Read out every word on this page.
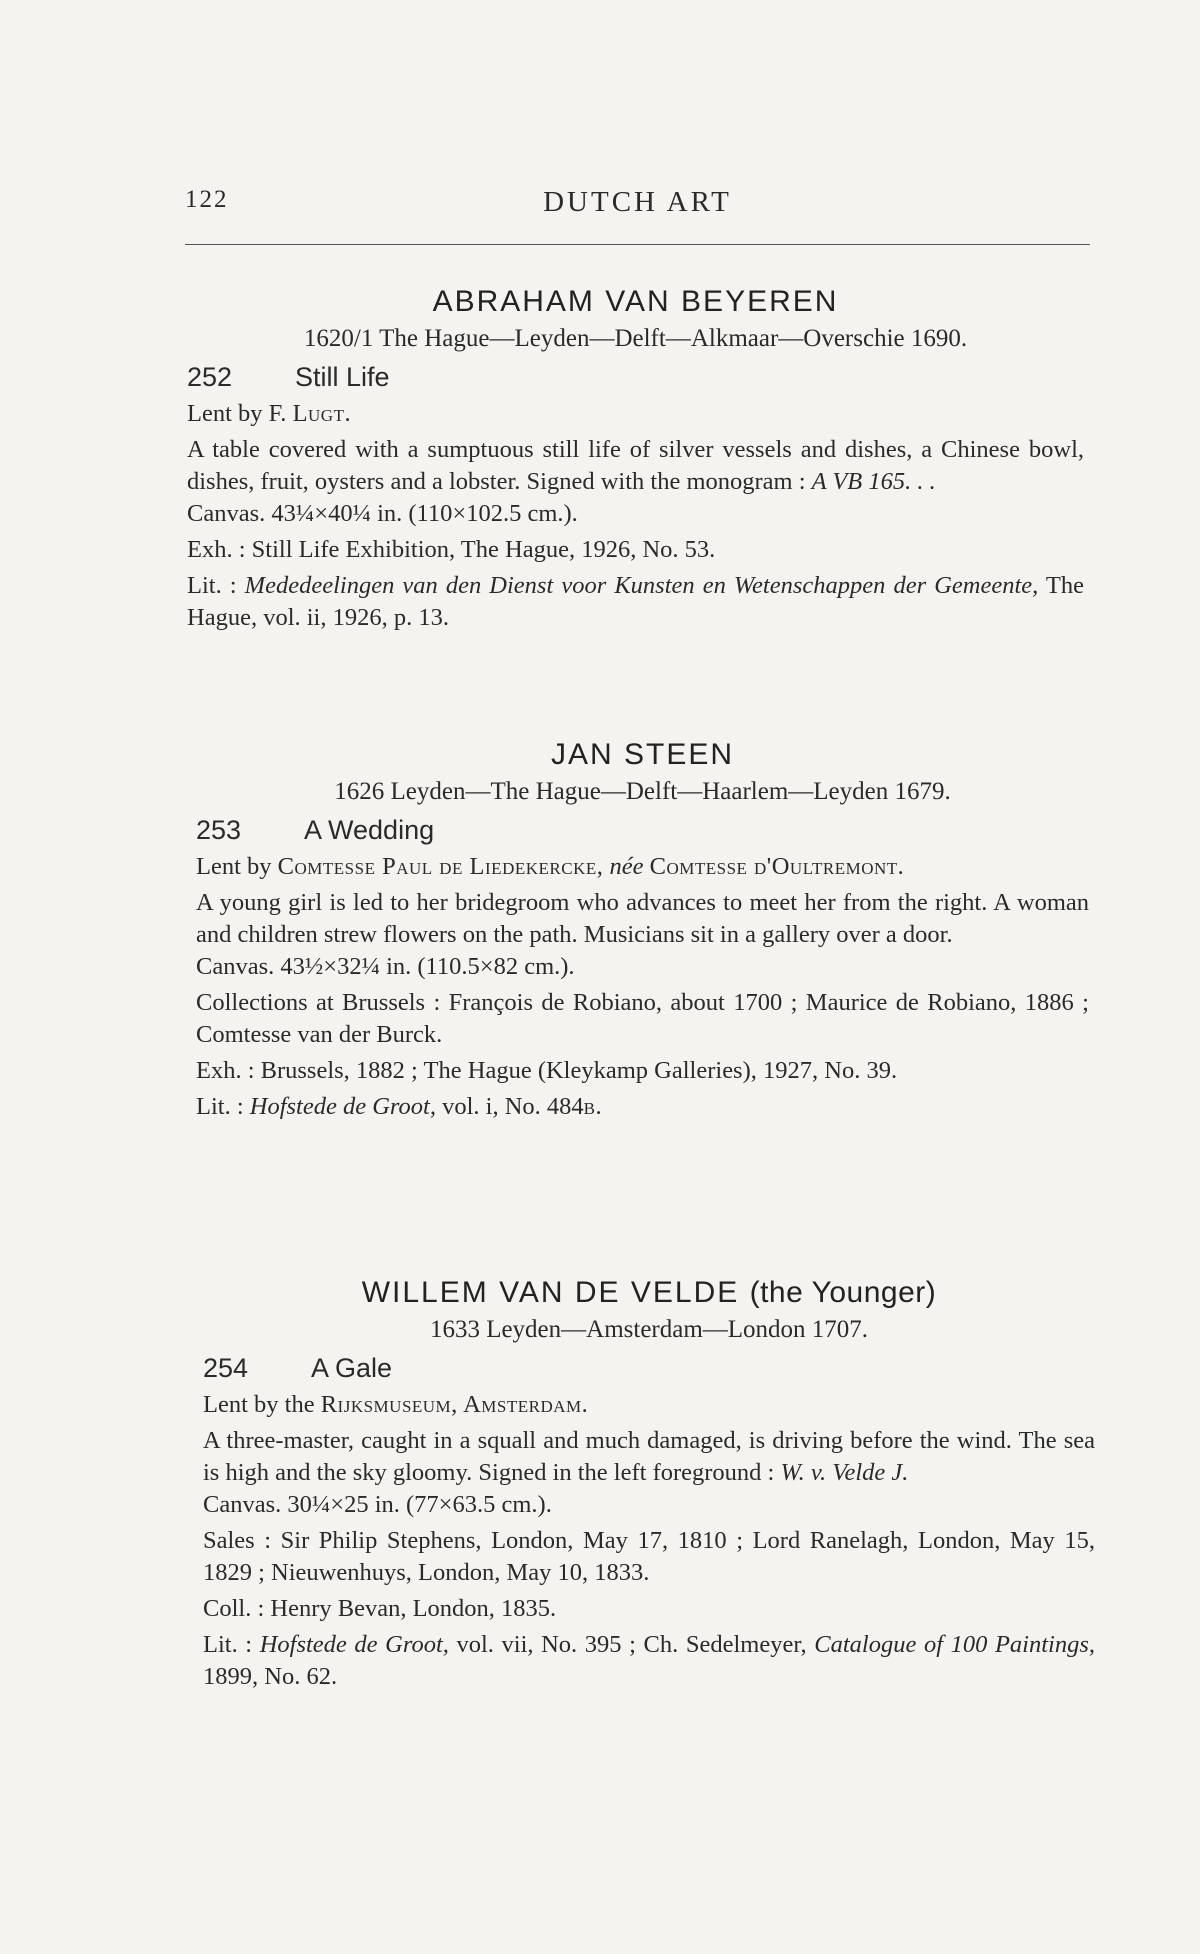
122	DUTCH ART
ABRAHAM VAN BEYEREN
1620/1 The Hague—Leyden—Delft—Alkmaar—Overschie 1690.
252 Still Life

Lent by F. Lugt.

A table covered with a sumptuous still life of silver vessels and dishes, a Chinese bowl, dishes, fruit, oysters and a lobster. Signed with the monogram : A VB 165. . .

Canvas. 43¼×40¼ in. (110×102.5 cm.).

Exh. : Still Life Exhibition, The Hague, 1926, No. 53.

Lit. : Mededeelingen van den Dienst voor Kunsten en Wetenschappen der Gemeente, The Hague, vol. ii, 1926, p. 13.

JAN STEEN
1626 Leyden—The Hague—Delft—Haarlem—Leyden 1679.
253 A Wedding

Lent by Comtesse Paul de Liedekercke, née Comtesse d'Oultremont.

A young girl is led to her bridegroom who advances to meet her from the right. A woman and children strew flowers on the path. Musicians sit in a gallery over a door.

Canvas. 43½×32¼ in. (110.5×82 cm.).

Collections at Brussels : François de Robiano, about 1700 ; Maurice de Robiano, 1886 ; Comtesse van der Burck.

Exh. : Brussels, 1882 ; The Hague (Kleykamp Galleries), 1927, No. 39.

Lit. : Hofstede de Groot, vol. i, No. 484b.

WILLEM VAN DE VELDE (the Younger)
1633 Leyden—Amsterdam—London 1707.
254 A Gale

Lent by the Rijksmuseum, Amsterdam.

A three-master, caught in a squall and much damaged, is driving before the wind. The sea is high and the sky gloomy. Signed in the left foreground : W. v. Velde J.

Canvas. 30¼×25 in. (77×63.5 cm.).

Sales : Sir Philip Stephens, London, May 17, 1810 ; Lord Ranelagh, London, May 15, 1829 ; Nieuwenhuys, London, May 10, 1833.

Coll. : Henry Bevan, London, 1835.

Lit. : Hofstede de Groot, vol. vii, No. 395 ; Ch. Sedelmeyer, Catalogue of 100 Paintings, 1899, No. 62.
